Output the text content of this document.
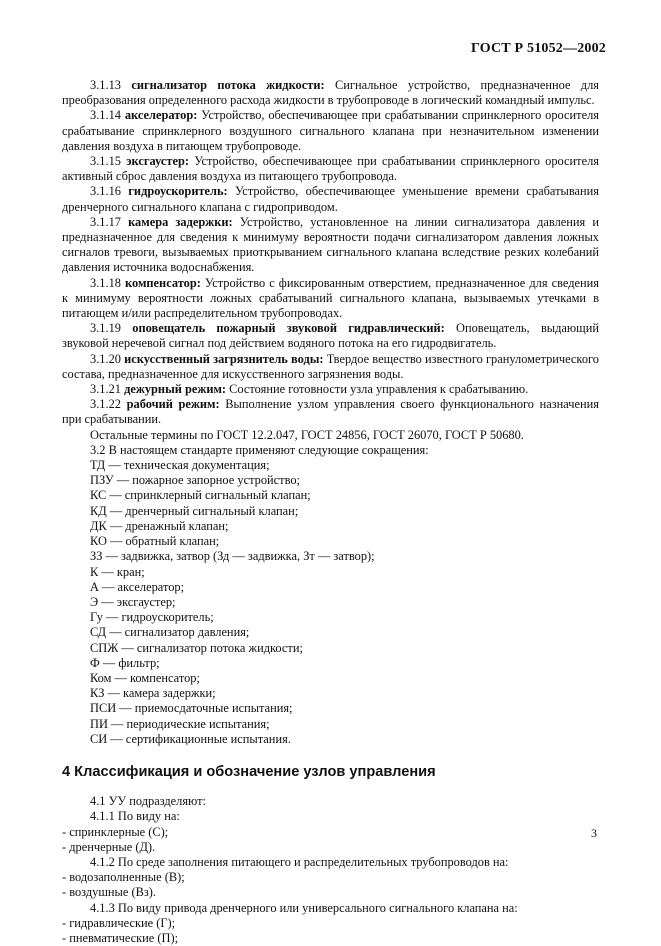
ГОСТ Р 51052—2002

3.1.13 сигнализатор потока жидкости: Сигнальное устройство, предназначенное для преобразования определенного расхода жидкости в трубопроводе в логический командный импульс.

3.1.14 акселератор: Устройство, обеспечивающее при срабатывании спринклерного оросителя срабатывание спринклерного воздушного сигнального клапана при незначительном изменении давления воздуха в питающем трубопроводе.

3.1.15 эксгаустер: Устройство, обеспечивающее при срабатывании спринклерного оросителя активный сброс давления воздуха из питающего трубопровода.

3.1.16 гидроускоритель: Устройство, обеспечивающее уменьшение времени срабатывания дренчерного сигнального клапана с гидроприводом.

3.1.17 камера задержки: Устройство, установленное на линии сигнализатора давления и предназначенное для сведения к минимуму вероятности подачи сигнализатором давления ложных сигналов тревоги, вызываемых приоткрыванием сигнального клапана вследствие резких колебаний давления источника водоснабжения.

3.1.18 компенсатор: Устройство с фиксированным отверстием, предназначенное для сведения к минимуму вероятности ложных срабатываний сигнального клапана, вызываемых утечками в питающем и/или распределительном трубопроводах.

3.1.19 оповещатель пожарный звуковой гидравлический: Оповещатель, выдающий звуковой неречевой сигнал под действием водяного потока на его гидродвигатель.

3.1.20 искусственный загрязнитель воды: Твердое вещество известного гранулометрического состава, предназначенное для искусственного загрязнения воды.

3.1.21 дежурный режим: Состояние готовности узла управления к срабатыванию.

3.1.22 рабочий режим: Выполнение узлом управления своего функционального назначения при срабатывании.

Остальные термины по ГОСТ 12.2.047, ГОСТ 24856, ГОСТ 26070, ГОСТ Р 50680.

3.2 В настоящем стандарте применяют следующие сокращения:

ТД — техническая документация;

ПЗУ — пожарное запорное устройство;

КС — спринклерный сигнальный клапан;

КД — дренчерный сигнальный клапан;

ДК — дренажный клапан;

КО — обратный клапан;

ЗЗ — задвижка, затвор (Зд — задвижка, Зт — затвор);

К — кран;

А — акселератор;

Э — эксгаустер;

Гу — гидроускоритель;

СД — сигнализатор давления;

СПЖ — сигнализатор потока жидкости;

Ф — фильтр;

Ком — компенсатор;

КЗ — камера задержки;

ПСИ — приемосдаточные испытания;

ПИ — периодические испытания;

СИ — сертификационные испытания.

4 Классификация и обозначение узлов управления

4.1 УУ подразделяют:

4.1.1 По виду на:

- спринклерные (С);

- дренчерные (Д).

4.1.2 По среде заполнения питающего и распределительных трубопроводов на:

- водозаполненные (В);

- воздушные (Вз).

4.1.3 По виду привода дренчерного или универсального сигнального клапана на:

- гидравлические (Г);

- пневматические (П);

3
